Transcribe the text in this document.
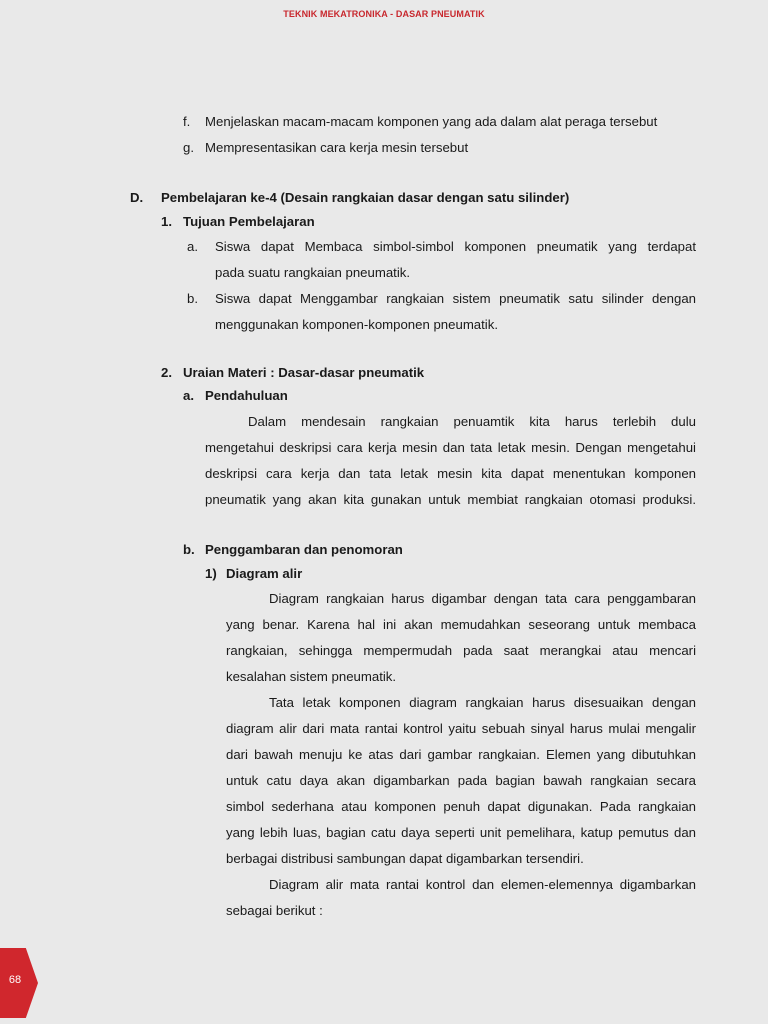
TEKNIK MEKATRONIKA - DASAR PNEUMATIK
f. Menjelaskan macam-macam komponen yang ada dalam alat peraga tersebut
g. Mempresentasikan cara kerja mesin tersebut
D. Pembelajaran ke-4 (Desain rangkaian dasar dengan satu silinder)
1. Tujuan Pembelajaran
a. Siswa dapat Membaca simbol-simbol komponen pneumatik yang terdapat
pada suatu rangkaian pneumatik.
b. Siswa dapat Menggambar rangkaian sistem pneumatik satu silinder dengan
menggunakan komponen-komponen pneumatik.
2. Uraian Materi : Dasar-dasar pneumatik
a. Pendahuluan
Dalam mendesain rangkaian penuamtik kita harus terlebih dulu
mengetahui deskripsi cara kerja mesin dan tata letak mesin. Dengan mengetahui
deskripsi cara kerja dan tata letak mesin kita dapat menentukan komponen
pneumatik yang akan kita gunakan untuk membiat rangkaian otomasi produksi.
b. Penggambaran dan penomoran
1) Diagram alir
Diagram rangkaian harus digambar dengan tata cara penggambaran
yang benar. Karena hal ini akan memudahkan seseorang untuk membaca
rangkaian, sehingga mempermudah pada saat merangkai atau mencari
kesalahan sistem pneumatik.
Tata letak komponen diagram rangkaian harus disesuaikan dengan
diagram alir dari mata rantai kontrol yaitu sebuah sinyal harus mulai mengalir
dari bawah menuju ke atas dari gambar rangkaian. Elemen yang dibutuhkan
untuk catu daya akan digambarkan pada bagian bawah rangkaian secara
simbol sederhana atau komponen penuh dapat digunakan. Pada rangkaian
yang lebih luas, bagian catu daya seperti unit pemelihara, katup pemutus dan
berbagai distribusi sambungan dapat digambarkan tersendiri.
Diagram alir mata rantai kontrol dan elemen-elemennya digambarkan
sebagai berikut :
68
